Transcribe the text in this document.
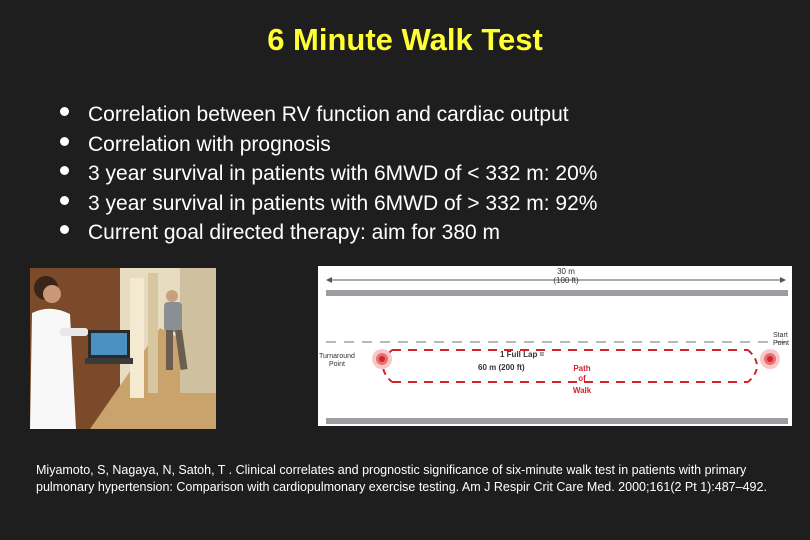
6 Minute Walk Test
Correlation between RV function and cardiac output
Correlation with prognosis
3 year survival in patients with 6MWD of < 332 m: 20%
3 year survival in patients with 6MWD of > 332 m: 92%
Current goal directed therapy: aim for 380 m
30 m
(100 ft)
Turnaround
Point
1 Full Lap =
60 m (200 ft)	Path
of
Walk
Start
Point
Miyamoto, S, Nagaya, N, Satoh, T . Clinical correlates and prognostic significance of six-minute walk test in patients with primary pulmonary hypertension: Comparison with cardiopulmonary exercise testing. Am J Respir Crit Care Med. 2000;161(2 Pt 1):487–492.
